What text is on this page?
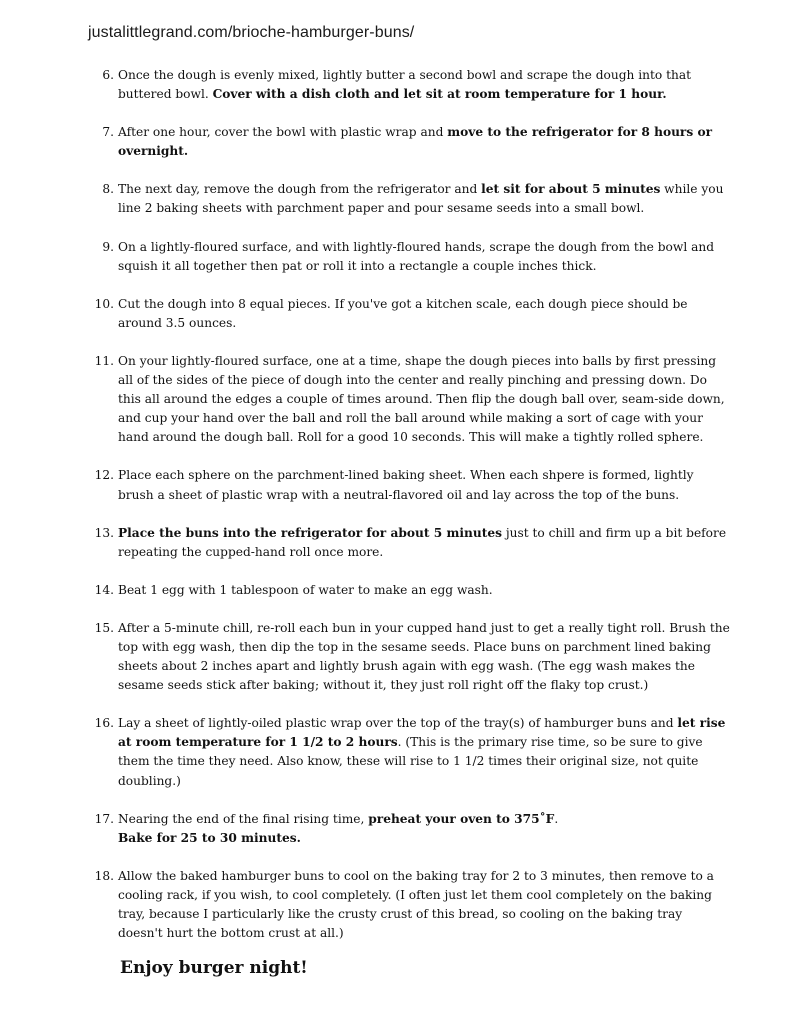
justalittlegrand.com/brioche-hamburger-buns/
6. Once the dough is evenly mixed, lightly butter a second bowl and scrape the dough into that buttered bowl. Cover with a dish cloth and let sit at room temperature for 1 hour.
7. After one hour, cover the bowl with plastic wrap and move to the refrigerator for 8 hours or overnight.
8. The next day, remove the dough from the refrigerator and let sit for about 5 minutes while you line 2 baking sheets with parchment paper and pour sesame seeds into a small bowl.
9. On a lightly-floured surface, and with lightly-floured hands, scrape the dough from the bowl and squish it all together then pat or roll it into a rectangle a couple inches thick.
10. Cut the dough into 8 equal pieces. If you've got a kitchen scale, each dough piece should be around 3.5 ounces.
11. On your lightly-floured surface, one at a time, shape the dough pieces into balls by first pressing all of the sides of the piece of dough into the center and really pinching and pressing down. Do this all around the edges a couple of times around. Then flip the dough ball over, seam-side down, and cup your hand over the ball and roll the ball around while making a sort of cage with your hand around the dough ball. Roll for a good 10 seconds. This will make a tightly rolled sphere.
12. Place each sphere on the parchment-lined baking sheet. When each shpere is formed, lightly brush a sheet of plastic wrap with a neutral-flavored oil and lay across the top of the buns.
13. Place the buns into the refrigerator for about 5 minutes just to chill and firm up a bit before repeating the cupped-hand roll once more.
14. Beat 1 egg with 1 tablespoon of water to make an egg wash.
15. After a 5-minute chill, re-roll each bun in your cupped hand just to get a really tight roll. Brush the top with egg wash, then dip the top in the sesame seeds. Place buns on parchment lined baking sheets about 2 inches apart and lightly brush again with egg wash. (The egg wash makes the sesame seeds stick after baking; without it, they just roll right off the flaky top crust.)
16. Lay a sheet of lightly-oiled plastic wrap over the top of the tray(s) of hamburger buns and let rise at room temperature for 1 1/2 to 2 hours. (This is the primary rise time, so be sure to give them the time they need. Also know, these will rise to 1 1/2 times their original size, not quite doubling.)
17. Nearing the end of the final rising time, preheat your oven to 375˚F.
Bake for 25 to 30 minutes.
18. Allow the baked hamburger buns to cool on the baking tray for 2 to 3 minutes, then remove to a cooling rack, if you wish, to cool completely. (I often just let them cool completely on the baking tray, because I particularly like the crusty crust of this bread, so cooling on the baking tray doesn't hurt the bottom crust at all.)
Enjoy burger night!
